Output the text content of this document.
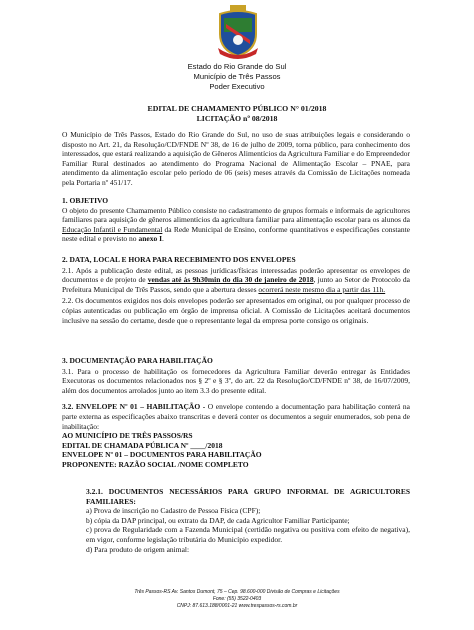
Estado do Rio Grande do Sul
Município de Três Passos
Poder Executivo
EDITAL DE CHAMAMENTO PÚBLICO N° 01/2018
LICITAÇÃO nº 08/2018
O Município de Três Passos, Estado do Rio Grande do Sul, no uso de suas atribuições legais e considerando o disposto no Art. 21, da Resolução/CD/FNDE Nº 38, de 16 de julho de 2009, torna público, para conhecimento dos interessados, que estará realizando a aquisição de Gêneros Alimentícios da Agricultura Familiar e do Empreendedor Familiar Rural destinados ao atendimento do Programa Nacional de Alimentação Escolar – PNAE, para atendimento da alimentação escolar pelo período de 06 (seis) meses através da Comissão de Licitações nomeada pela Portaria nº 451/17.

1. OBJETIVO

O objeto do presente Chamamento Público consiste no cadastramento de grupos formais e informais de agricultores familiares para aquisição de gêneros alimentícios da agricultura familiar para alimentação escolar para os alunos da Educação Infantil e Fundamental da Rede Municipal de Ensino, conforme quantitativos e especificações constante neste edital e previsto no anexo I.

2. DATA, LOCAL E HORA PARA RECEBIMENTO DOS ENVELOPES

2.1. Após a publicação deste edital, as pessoas jurídicas/físicas interessadas poderão apresentar os envelopes de documentos e de projeto de vendas até às 9h30min do dia 30 de janeiro de 2018, junto ao Setor de Protocolo da Prefeitura Municipal de Três Passos, sendo que a abertura desses ocorrerá neste mesmo dia a partir das 11h.

2.2. Os documentos exigidos nos dois envelopes poderão ser apresentados em original, ou por qualquer processo de cópias autenticadas ou publicação em órgão de imprensa oficial. A Comissão de Licitações aceitará documentos inclusive na sessão do certame, desde que o representante legal da empresa porte consigo os originais.

3. DOCUMENTAÇÃO PARA HABILITAÇÃO

3.1. Para o processo de habilitação os fornecedores da Agricultura Familiar deverão entregar às Entidades Executoras os documentos relacionados nos § 2º e § 3º, do art. 22 da Resolução/CD/FNDE nº 38, de 16/07/2009, além dos documentos arrolados junto ao item 3.3 do presente edital.

3.2. ENVELOPE Nº 01 – HABILITAÇÃO - O envelope contendo a documentação para habilitação conterá na parte externa as especificações abaixo transcritas e deverá conter os documentos a seguir enumerados, sob pena de inabilitação:

AO MUNICÍPIO DE TRÊS PASSOS/RS

EDITAL DE CHAMADA PÚBLICA Nº ____/2018

ENVELOPE Nº 01 – DOCUMENTOS PARA HABILITAÇÃO

PROPONENTE: RAZÃO SOCIAL /NOME COMPLETO

3.2.1. DOCUMENTOS NECESSÁRIOS PARA GRUPO INFORMAL DE AGRICULTORES FAMILIARES:

a) Prova de inscrição no Cadastro de Pessoa Física (CPF);

b) cópia da DAP principal, ou extrato da DAP, de cada Agricultor Familiar Participante;

c) prova de Regularidade com a Fazenda Municipal (certidão negativa ou positiva com efeito de negativa), em vigor, conforme legislação tributária do Município expedidor.

d) Para produto de origem animal:

Três Passos-RS Av. Santos Dumont, 75 – Cep. 98.600-000 Divisão de Compras e Licitações
Fone: (55) 3522-0403
CNPJ: 87.613.188/0001-21 www.trespassos-rs.com.br
